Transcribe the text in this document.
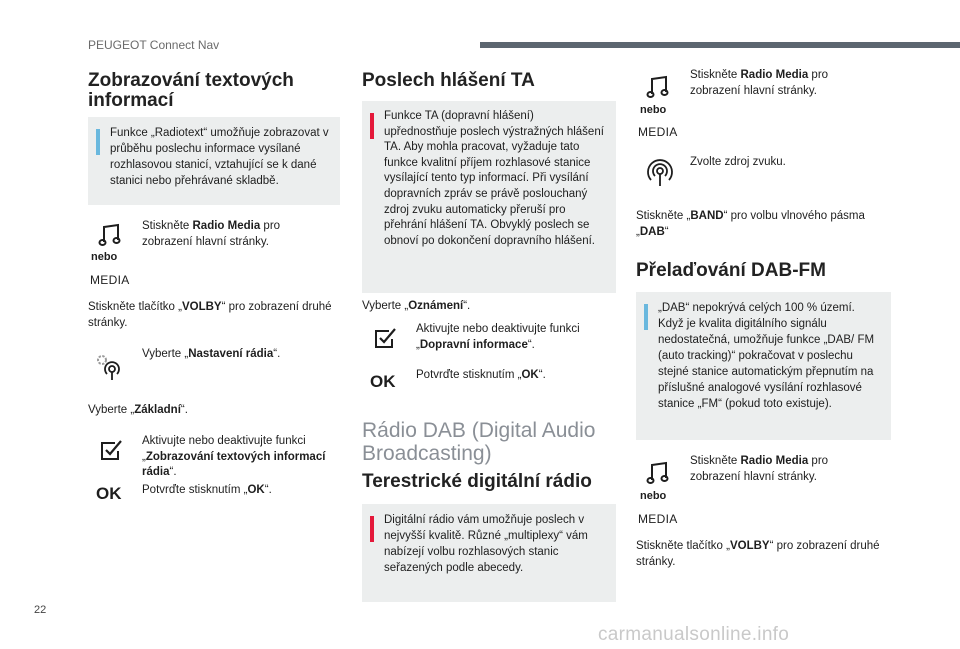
PEUGEOT Connect Nav
Zobrazování textových informací
Funkce „Radiotext“ umožňuje zobrazovat v průběhu poslechu informace vysílané rozhlasovou stanicí, vztahující se k dané stanici nebo přehrávané skladbě.
nebo
MEDIA
Stiskněte Radio Media pro zobrazení hlavní stránky.
Stiskněte tlačítko „VOLBY“ pro zobrazení druhé stránky.
Vyberte „Nastavení rádia“.
Vyberte „Základní“.
Aktivujte nebo deaktivujte funkci „Zobrazování textových informací rádia“.
OK Potvrďte stisknutím „OK“.
Poslech hlášení TA
Funkce TA (dopravní hlášení) upřednostňuje poslech výstražných hlášení TA. Aby mohla pracovat, vyžaduje tato funkce kvalitní příjem rozhlasové stanice vysílající tento typ informací. Při vysílání dopravních zpráv se právě poslouchaný zdroj zvuku automaticky přeruší pro přehrání hlášení TA. Obvyklý poslech se obnoví po dokončení dopravního hlášení.
Vyberte „Oznámení“.
Aktivujte nebo deaktivujte funkci „Dopravní informace“.
OK Potvrďte stisknutím „OK“.
Rádio DAB (Digital Audio Broadcasting)
Terestrické digitální rádio
Digitální rádio vám umožňuje poslech v nejvyšší kvalitě. Různé „multiplexy“ vám nabízejí volbu rozhlasových stanic seřazených podle abecedy.
nebo
MEDIA
Stiskněte Radio Media pro zobrazení hlavní stránky.
Zvolte zdroj zvuku.
Stiskněte „BAND“ pro volbu vlnového pásma „DAB“
Přelaďování DAB-FM
„DAB“ nepokrývá celých 100 % území. Když je kvalita digitálního signálu nedostatečná, umožňuje funkce „DAB/ FM (auto tracking)“ pokračovat v poslechu stejné stanice automatickým přepnutím na příslušné analogové vysílání rozhlasové stanice „FM“ (pokud toto existuje).
nebo
MEDIA
Stiskněte Radio Media pro zobrazení hlavní stránky.
Stiskněte tlačítko „VOLBY“ pro zobrazení druhé stránky.
22
carmanualsonline.info
